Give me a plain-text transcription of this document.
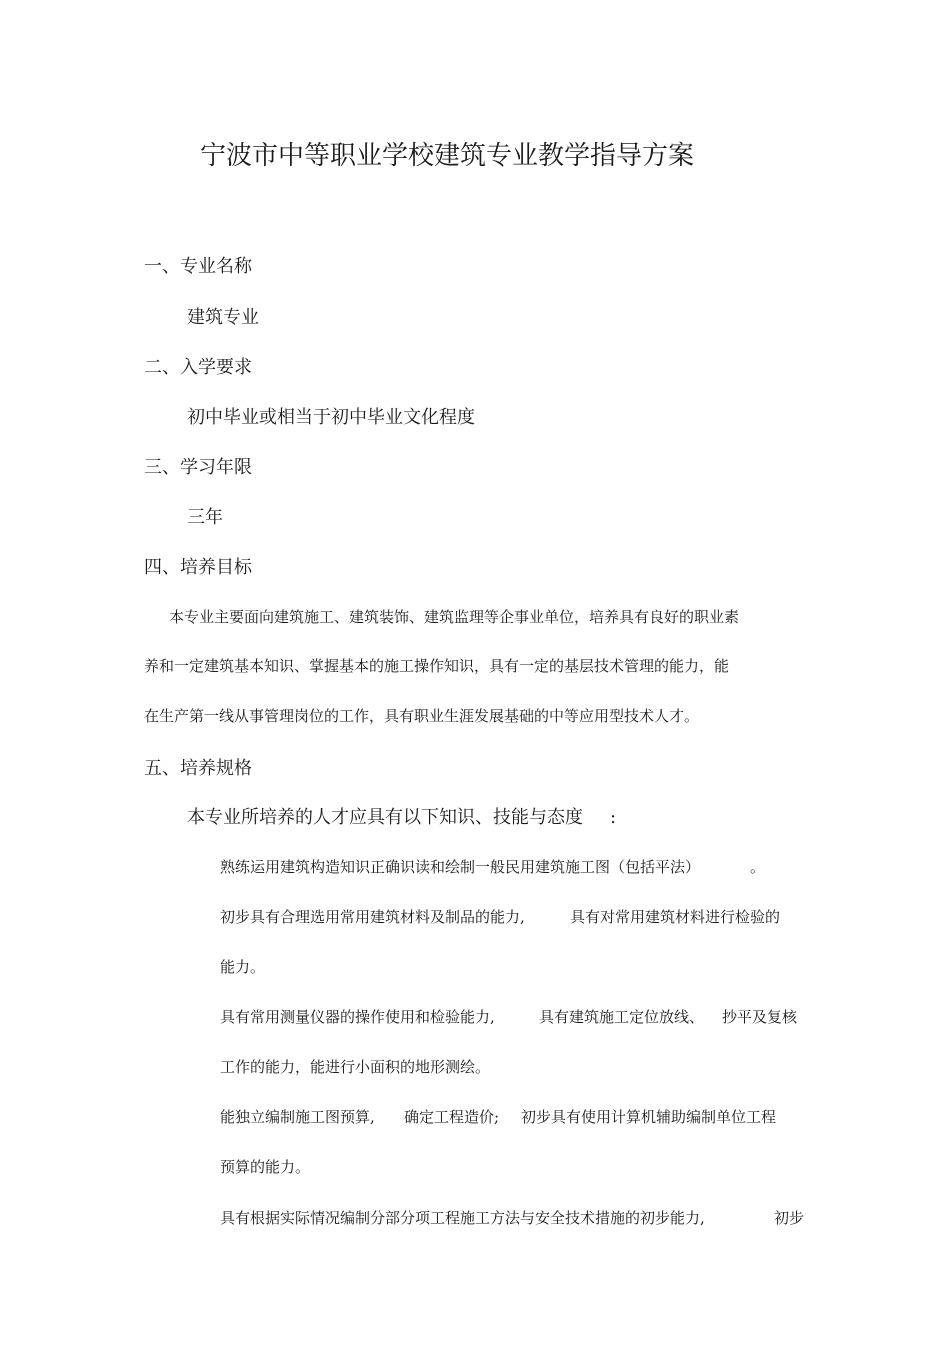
宁波市中等职业学校建筑专业教学指导方案
一、专业名称
建筑专业
二、入学要求
初中毕业或相当于初中毕业文化程度
三、学习年限
三年
四、培养目标
本专业主要面向建筑施工、建筑装饰、建筑监理等企事业单位，培养具有良好的职业素
养和一定建筑基本知识、掌握基本的施工操作知识，具有一定的基层技术管理的能力，能
在生产第一线从事管理岗位的工作，具有职业生涯发展基础的中等应用型技术人才。
五、培养规格
本专业所培养的人才应具有以下知识、技能与态度 :
熟练运用建筑构造知识正确识读和绘制一般民用建筑施工图（包括平法）	。
初步具有合理选用常用建筑材料及制品的能力,	具有对常用建筑材料进行检验的
能力。
具有常用测量仪器的操作使用和检验能力,	具有建筑施工定位放线、 抄平及复核
工作的能力，能进行小面积的地形测绘。
能独立编制施工图预算, 确定工程造价; 初步具有使用计算机辅助编制单位工程
预算的能力。
具有根据实际情况编制分部分项工程施工方法与安全技术措施的初步能力,	初步
